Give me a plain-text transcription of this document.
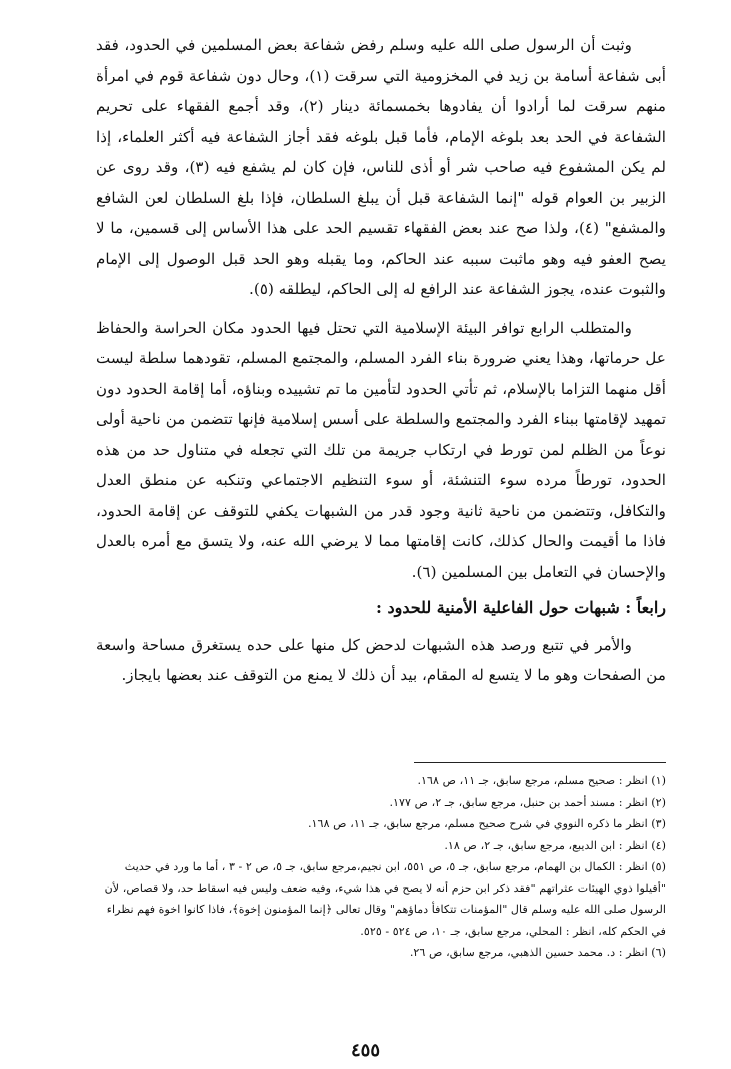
وثبت أن الرسول صلى الله عليه وسلم رفض شفاعة بعض المسلمين في الحدود، فقد أبى شفاعة أسامة بن زيد في المخزومية التي سرقت (١)، وحال دون شفاعة قوم في امرأة منهم سرقت لما أرادوا أن يفادوها بخمسمائة دينار (٢)، وقد أجمع الفقهاء على تحريم الشفاعة في الحد بعد بلوغه الإمام، فأما قبل بلوغه فقد أجاز الشفاعة فيه أكثر العلماء، إذا لم يكن المشفوع فيه صاحب شر أو أذى للناس، فإن كان لم يشفع فيه (٣)، وقد روى عن الزبير بن العوام قوله "إنما الشفاعة قبل أن يبلغ السلطان، فإذا بلغ السلطان لعن الشافع والمشفع" (٤)، ولذا صح عند بعض الفقهاء تقسيم الحد على هذا الأساس إلى قسمين، ما لا يصح العفو فيه وهو ماثبت سببه عند الحاكم، وما يقبله وهو الحد قبل الوصول إلى الإمام والثبوت عنده، يجوز الشفاعة عند الرافع له إلى الحاكم، ليطلقه (٥).

والمتطلب الرابع توافر البيئة الإسلامية التي تحتل فيها الحدود مكان الحراسة والحفاظ عل حرماتها، وهذا يعني ضرورة بناء الفرد المسلم، والمجتمع المسلم، تقودهما سلطة ليست أقل منهما التزاما بالإسلام، ثم تأتي الحدود لتأمين ما تم تشييده وبناؤه، أما إقامة الحدود دون تمهيد لإقامتها ببناء الفرد والمجتمع والسلطة على أسس إسلامية فإنها تتضمن من ناحية أولى نوعاً من الظلم لمن تورط في ارتكاب جريمة من تلك التي تجعله في متناول حد من هذه الحدود، تورطاً مرده سوء التنشئة، أو سوء التنظيم الاجتماعي وتنكبه عن منطق العدل والتكافل، وتتضمن من ناحية ثانية وجود قدر من الشبهات يكفي للتوقف عن إقامة الحدود، فاذا ما أقيمت والحال كذلك، كانت إقامتها مما لا يرضي الله عنه، ولا يتسق مع أمره بالعدل والإحسان في التعامل بين المسلمين (٦).

رابعاً : شبهات حول الفاعلية الأمنية للحدود :

والأمر في تتبع ورصد هذه الشبهات لدحض كل منها على حده يستغرق مساحة واسعة من الصفحات وهو ما لا يتسع له المقام، بيد أن ذلك لا يمنع من التوقف عند بعضها بايجاز.

(١) انظر : صحيح مسلم، مرجع سابق، جـ ١١، ص ١٦٨.

(٢) انظر : مسند أحمد بن حنبل، مرجع سابق، جـ ٢، ص ١٧٧.

(٣) انظر ما ذكره النووي في شرح صحيح مسلم، مرجع سابق، جـ ١١، ص ١٦٨.

(٤) انظر : ابن الديبع، مرجع سابق، جـ ٢، ص ١٨.

(٥) انظر : الكمال بن الهمام، مرجع سابق، جـ ٥، ص ٥٥١، ابن نجيم،مرجع سابق، جـ ٥، ص ٢ - ٣ ، أما ما ورد في حديث "أقيلوا ذوي الهيئات عثراتهم "فقد ذكر ابن حزم أنه لا يصح في هذا شيء، وفيه ضعف وليس فيه اسقاط حد، ولا قصاص، لأن الرسول صلى الله عليه وسلم قال "المؤمنات تتكافأ دماؤهم" وقال تعالى ﴿إنما المؤمنون إخوة﴾، فاذا كانوا اخوة فهم نظراء في الحكم كله، انظر : المحلي، مرجع سابق، جـ ١٠، ص ٥٢٤ - ٥٢٥.

(٦) انظر : د. محمد حسين الذهبي، مرجع سابق، ص ٢٦.

٤٥٥
